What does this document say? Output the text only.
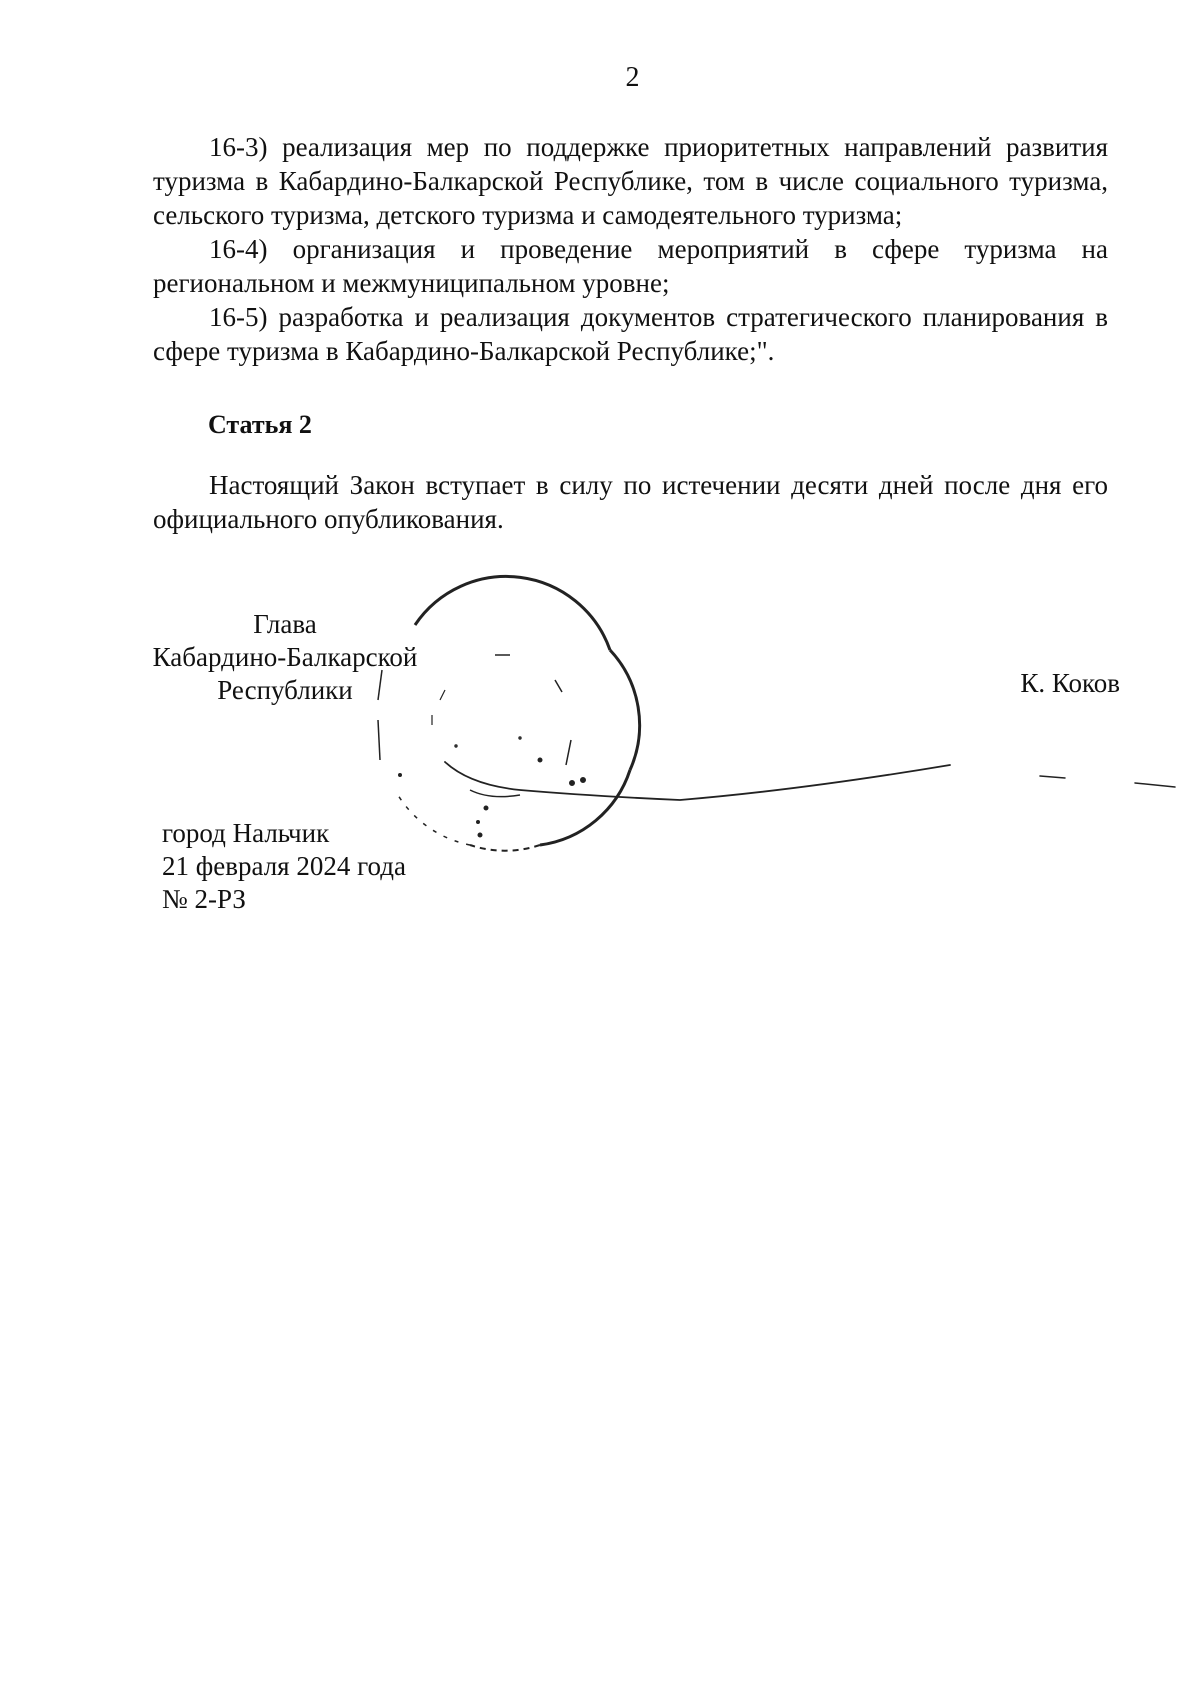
2

16-3) реализация мер по поддержке приоритетных направлений развития туризма в Кабардино-Балкарской Республике, том в числе социального туризма, сельского туризма, детского туризма и самодеятельного туризма;

16-4) организация и проведение мероприятий в сфере туризма на региональном и межмуниципальном уровне;

16-5) разработка и реализация документов стратегического планирования в сфере туризма в Кабардино-Балкарской Республике;".

Статья 2

Настоящий Закон вступает в силу по истечении десяти дней после дня его официального опубликования.

Глава
Кабардино-Балкарской
Республики	К. Коков
город Нальчик
21 февраля 2024 года
№ 2-РЗ
